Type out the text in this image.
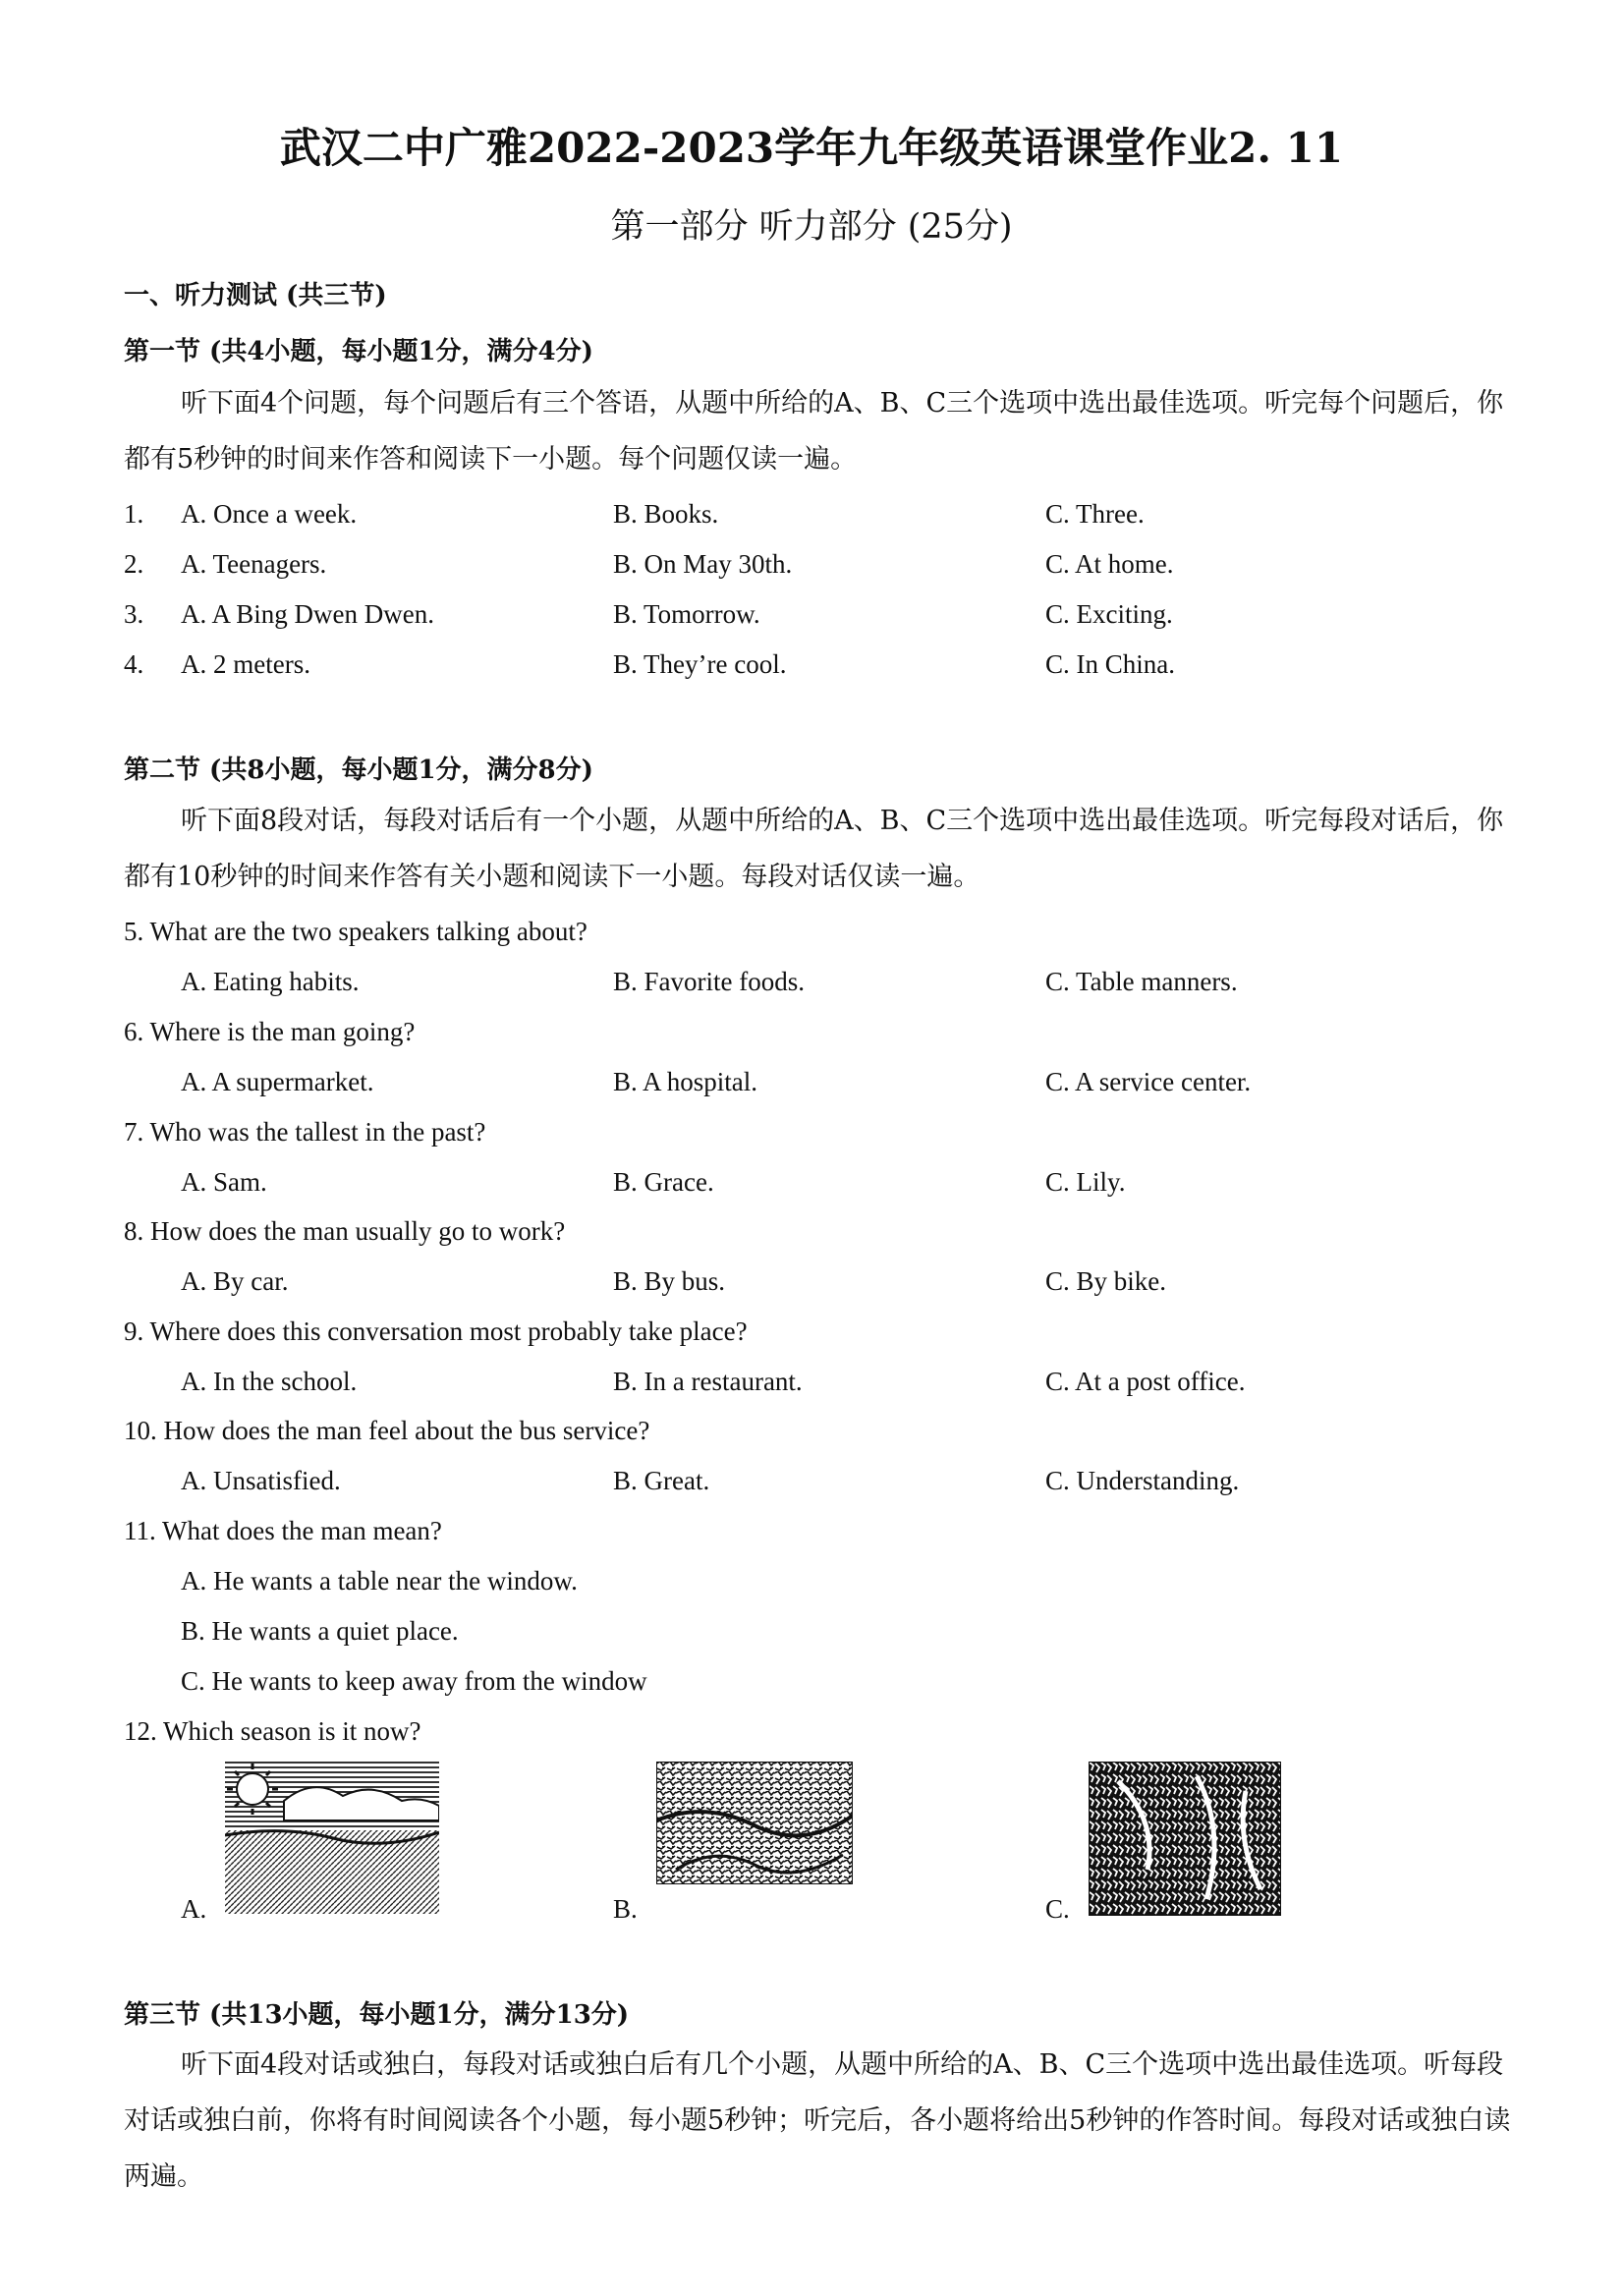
武汉二中广雅2022-2023学年九年级英语课堂作业2. 11
第一部分 听力部分 (25分)
一、听力测试 (共三节)
第一节 (共4小题，每小题1分，满分4分)
听下面4个问题，每个问题后有三个答语，从题中所给的A、B、C三个选项中选出最佳选项。听完每个问题后，你都有5秒钟的时间来作答和阅读下一小题。每个问题仅读一遍。
1. A. Once a week.	B. Books.	C. Three.
2. A. Teenagers.	B. On May 30th.	C. At home.
3. A. A Bing Dwen Dwen.	B. Tomorrow.	C. Exciting.
4. A. 2 meters.	B. They’re cool.	C. In China.
第二节 (共8小题，每小题1分，满分8分)
听下面8段对话，每段对话后有一个小题，从题中所给的A、B、C三个选项中选出最佳选项。听完每段对话后，你都有10秒钟的时间来作答有关小题和阅读下一小题。每段对话仅读一遍。
5. What are the two speakers talking about?
A. Eating habits.	B. Favorite foods.	C. Table manners.
6. Where is the man going?
A. A supermarket.	B. A hospital.	C. A service center.
7. Who was the tallest in the past?
A. Sam.	B. Grace.	C. Lily.
8. How does the man usually go to work?
A. By car.	B. By bus.	C. By bike.
9. Where does this conversation most probably take place?
A. In the school.	B. In a restaurant.	C. At a post office.
10. How does the man feel about the bus service?
A. Unsatisfied.	B. Great.	C. Understanding.
11. What does the man mean?
A. He wants a table near the window.
B. He wants a quiet place.
C. He wants to keep away from the window
12. Which season is it now?
A.	B.	C.
第三节 (共13小题，每小题1分，满分13分)
听下面4段对话或独白，每段对话或独白后有几个小题，从题中所给的A、B、C三个选项中选出最佳选项。听每段对话或独白前，你将有时间阅读各个小题，每小题5秒钟；听完后，各小题将给出5秒钟的作答时间。每段对话或独白读两遍。
